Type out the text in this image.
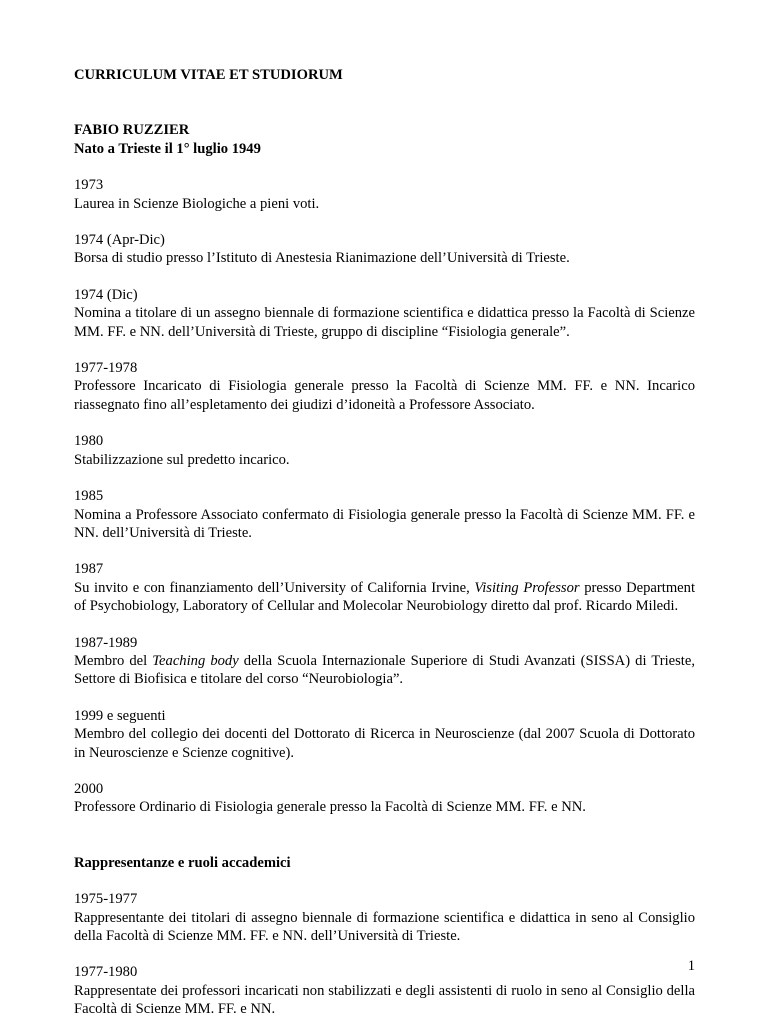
CURRICULUM VITAE ET STUDIORUM
FABIO RUZZIER
Nato a Trieste il 1° luglio 1949
1973
Laurea in Scienze Biologiche a pieni voti.
1974 (Apr-Dic)
Borsa di studio presso l’Istituto di Anestesia Rianimazione dell’Università di Trieste.
1974 (Dic)
Nomina a titolare di un assegno biennale di formazione scientifica e didattica presso la Facoltà di Scienze MM. FF. e NN. dell’Università di Trieste, gruppo di discipline “Fisiologia generale”.
1977-1978
Professore Incaricato di Fisiologia generale presso la Facoltà di Scienze MM. FF. e NN. Incarico riassegnato fino all’espletamento dei giudizi d’idoneità a Professore Associato.
1980
Stabilizzazione sul predetto incarico.
1985
Nomina a Professore Associato confermato di Fisiologia generale presso la Facoltà di Scienze MM. FF. e NN. dell’Università di Trieste.
1987
Su invito e con finanziamento dell’University of California Irvine, Visiting Professor presso Department of Psychobiology, Laboratory of Cellular and Molecolar Neurobiology diretto dal prof. Ricardo Miledi.
1987-1989
Membro del Teaching body della Scuola Internazionale Superiore di Studi Avanzati (SISSA) di Trieste, Settore di Biofisica e titolare del corso “Neurobiologia”.
1999 e seguenti
Membro del collegio dei docenti del Dottorato di Ricerca in Neuroscienze (dal 2007 Scuola di Dottorato in Neuroscienze e Scienze cognitive).
2000
Professore Ordinario di Fisiologia generale presso la Facoltà di Scienze MM. FF. e NN.
Rappresentanze e ruoli accademici
1975-1977
Rappresentante dei titolari di assegno biennale di formazione scientifica e didattica in seno al Consiglio della Facoltà di Scienze MM. FF. e NN. dell’Università di Trieste.
1977-1980
Rappresentate dei professori incaricati non stabilizzati e degli assistenti di ruolo in seno al Consiglio della Facoltà di Scienze MM. FF. e NN.
1
